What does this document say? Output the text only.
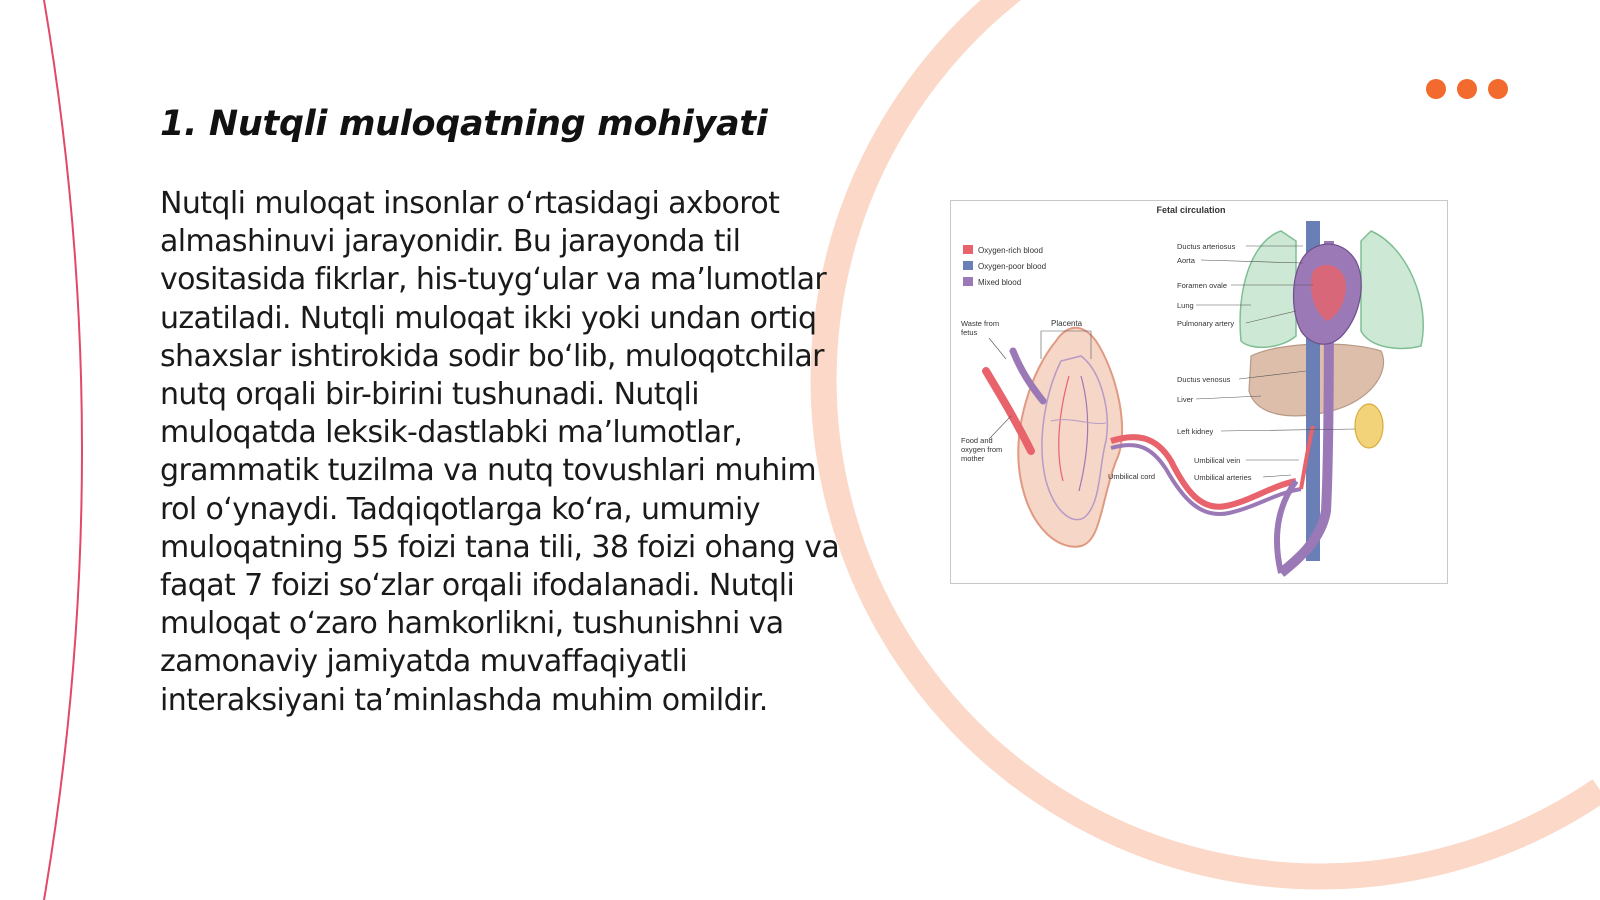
1. Nutqli muloqatning mohiyati

Nutqli muloqat insonlar o‘rtasidagi axborot almashinuvi jarayonidir. Bu jarayonda til vositasida fikrlar, his-tuyg‘ular va ma’lumotlar uzatiladi. Nutqli muloqat ikki yoki undan ortiq shaxslar ishtirokida sodir bo‘lib, muloqotchilar nutq orqali bir-birini tushunadi. Nutqli muloqatda leksik-dastlabki ma’lumotlar, grammatik tuzilma va nutq tovushlari muhim rol o‘ynaydi. Tadqiqotlarga ko‘ra, umumiy muloqatning 55 foizi tana tili, 38 foizi ohang va faqat 7 foizi so‘zlar orqali ifodalanadi. Nutqli muloqat o‘zaro hamkorlikni, tushunishni va zamonaviy jamiyatda muvaffaqiyatli interaksiyani ta’minlashda muhim omildir.

Fetal circulation
Oxygen-rich blood
Oxygen-poor blood
Mixed blood
Waste from
fetus
Food and
oxygen from
mother
Placenta
Umbilical cord
Ductus arteriosus
Aorta
Foramen ovale
Lung
Pulmonary artery
Ductus venosus
Liver
Left kidney
Umbilical vein
Umbilical arteries
